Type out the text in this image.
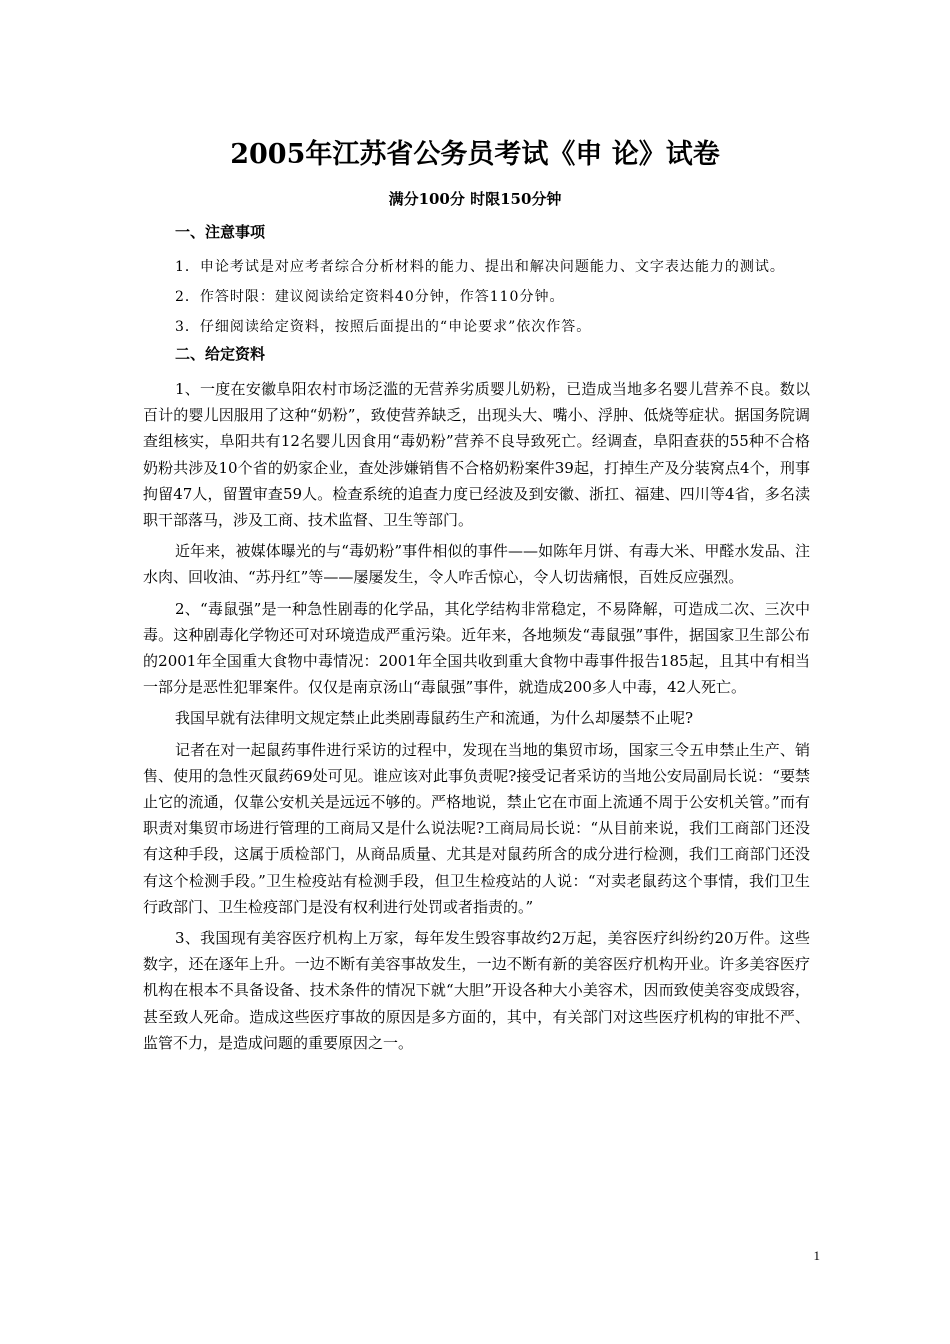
2005年江苏省公务员考试《申 论》试卷
满分100分 时限150分钟
一、注意事项

1．申论考试是对应考者综合分析材料的能力、提出和解决问题能力、文字表达能力的测试。

2．作答时限：建议阅读给定资料40分钟，作答110分钟。

3．仔细阅读给定资料，按照后面提出的“申论要求”依次作答。

二、给定资料

1、一度在安徽阜阳农村市场泛滥的无营养劣质婴儿奶粉，已造成当地多名婴儿营养不良。数以百计的婴儿因服用了这种“奶粉”，致使营养缺乏，出现头大、嘴小、浮肿、低烧等症状。据国务院调查组核实，阜阳共有12名婴儿因食用“毒奶粉”营养不良导致死亡。经调查，阜阳查获的55种不合格奶粉共涉及10个省的奶家企业，查处涉嫌销售不合格奶粉案件39起，打掉生产及分装窝点4个，刑事拘留47人，留置审查59人。检查系统的追查力度已经波及到安徽、浙扛、福建、四川等4省，多名渎职干部落马，涉及工商、技术监督、卫生等部门。

近年来，被媒体曝光的与“毒奶粉”事件相似的事件——如陈年月饼、有毒大米、甲醛水发品、注水肉、回收油、“苏丹红”等——屡屡发生，令人咋舌惊心，令人切齿痛恨，百姓反应强烈。

2、“毒鼠强”是一种急性剧毒的化学品，其化学结构非常稳定，不易降解，可造成二次、三次中毒。这种剧毒化学物还可对环境造成严重污染。近年来，各地频发“毒鼠强”事件，据国家卫生部公布的2001年全国重大食物中毒情况：2001年全国共收到重大食物中毒事件报告185起，且其中有相当一部分是恶性犯罪案件。仅仅是南京汤山“毒鼠强”事件，就造成200多人中毒，42人死亡。

我国早就有法律明文规定禁止此类剧毒鼠药生产和流通，为什么却屡禁不止呢?

记者在对一起鼠药事件进行采访的过程中，发现在当地的集贸市场，国家三令五申禁止生产、销售、使用的急性灭鼠药69处可见。谁应该对此事负责呢?接受记者采访的当地公安局副局长说：“要禁止它的流通，仅靠公安机关是远远不够的。严格地说，禁止它在市面上流通不周于公安机关管。”而有职责对集贸市场进行管理的工商局又是什么说法呢?工商局局长说：“从目前来说，我们工商部门还没有这种手段，这属于质检部门，从商品质量、尤其是对鼠药所含的成分进行检测，我们工商部门还没有这个检测手段。”卫生检疫站有检测手段，但卫生检疫站的人说：“对卖老鼠药这个事情，我们卫生行政部门、卫生检疫部门是没有权利进行处罚或者指责的。”

3、我国现有美容医疗机构上万家，每年发生毁容事故约2万起，美容医疗纠纷约20万件。这些数字，还在逐年上升。一边不断有美容事故发生，一边不断有新的美容医疗机构开业。许多美容医疗机构在根本不具备设备、技术条件的情况下就“大胆”开设各种大小美容术，因而致使美容变成毁容，甚至致人死命。造成这些医疗事故的原因是多方面的，其中，有关部门对这些医疗机构的审批不严、监管不力，是造成问题的重要原因之一。

1
